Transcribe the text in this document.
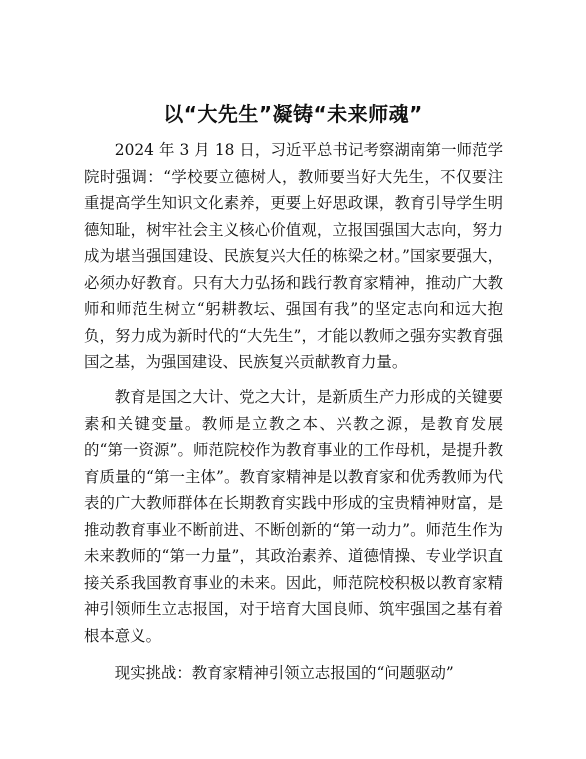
以“大先生”凝铸“未来师魂”

2024 年 3 月 18 日，习近平总书记考察湖南第一师范学院时强调：“学校要立德树人，教师要当好大先生，不仅要注重提高学生知识文化素养，更要上好思政课，教育引导学生明德知耻，树牢社会主义核心价值观，立报国强国大志向，努力成为堪当强国建设、民族复兴大任的栋梁之材。”国家要强大，必须办好教育。只有大力弘扬和践行教育家精神，推动广大教师和师范生树立“躬耕教坛、强国有我”的坚定志向和远大抱负，努力成为新时代的“大先生”，才能以教师之强夯实教育强国之基，为强国建设、民族复兴贡献教育力量。

教育是国之大计、党之大计，是新质生产力形成的关键要素和关键变量。教师是立教之本、兴教之源，是教育发展的“第一资源”。师范院校作为教育事业的工作母机，是提升教育质量的“第一主体”。教育家精神是以教育家和优秀教师为代表的广大教师群体在长期教育实践中形成的宝贵精神财富，是推动教育事业不断前进、不断创新的“第一动力”。师范生作为未来教师的“第一力量”，其政治素养、道德情操、专业学识直接关系我国教育事业的未来。因此，师范院校积极以教育家精神引领师生立志报国，对于培育大国良师、筑牢强国之基有着根本意义。

现实挑战：教育家精神引领立志报国的“问题驱动”
